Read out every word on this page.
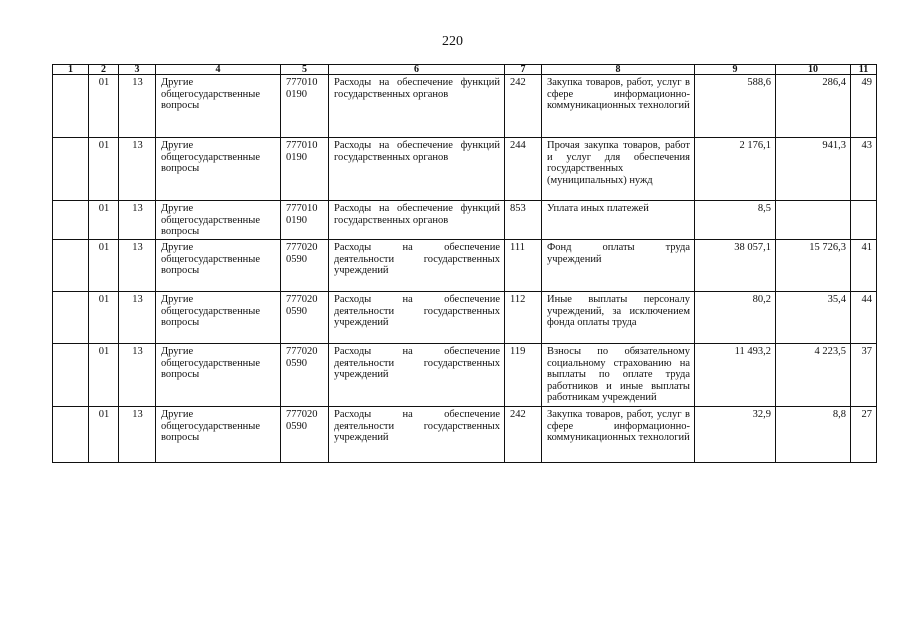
220
1	2	3	4	5	6	7	8	9	10	11
	01	13	Другие общегосударственные вопросы	777010 0190	Расходы на обеспечение функций государственных органов	242	Закупка товаров, работ, услуг в сфере информационно-коммуникационных технологий	588,6	286,4	49
	01	13	Другие общегосударственные вопросы	777010 0190	Расходы на обеспечение функций государственных органов	244	Прочая закупка товаров, работ и услуг для обеспечения государственных (муниципальных) нужд	2 176,1	941,3	43
	01	13	Другие общегосударственные вопросы	777010 0190	Расходы на обеспечение функций государственных органов	853	Уплата иных платежей	8,5		
	01	13	Другие общегосударственные вопросы	777020 0590	Расходы на обеспечение деятельности государственных учреждений	111	Фонд оплаты труда учреждений	38 057,1	15 726,3	41
	01	13	Другие общегосударственные вопросы	777020 0590	Расходы на обеспечение деятельности государственных учреждений	112	Иные выплаты персоналу учреждений, за исключением фонда оплаты труда	80,2	35,4	44
	01	13	Другие общегосударственные вопросы	777020 0590	Расходы на обеспечение деятельности государственных учреждений	119	Взносы по обязательному социальному страхованию на выплаты по оплате труда работников и иные выплаты работникам учреждений	11 493,2	4 223,5	37
	01	13	Другие общегосударственные вопросы	777020 0590	Расходы на обеспечение деятельности государственных учреждений	242	Закупка товаров, работ, услуг в сфере информационно-коммуникационных технологий	32,9	8,8	27
